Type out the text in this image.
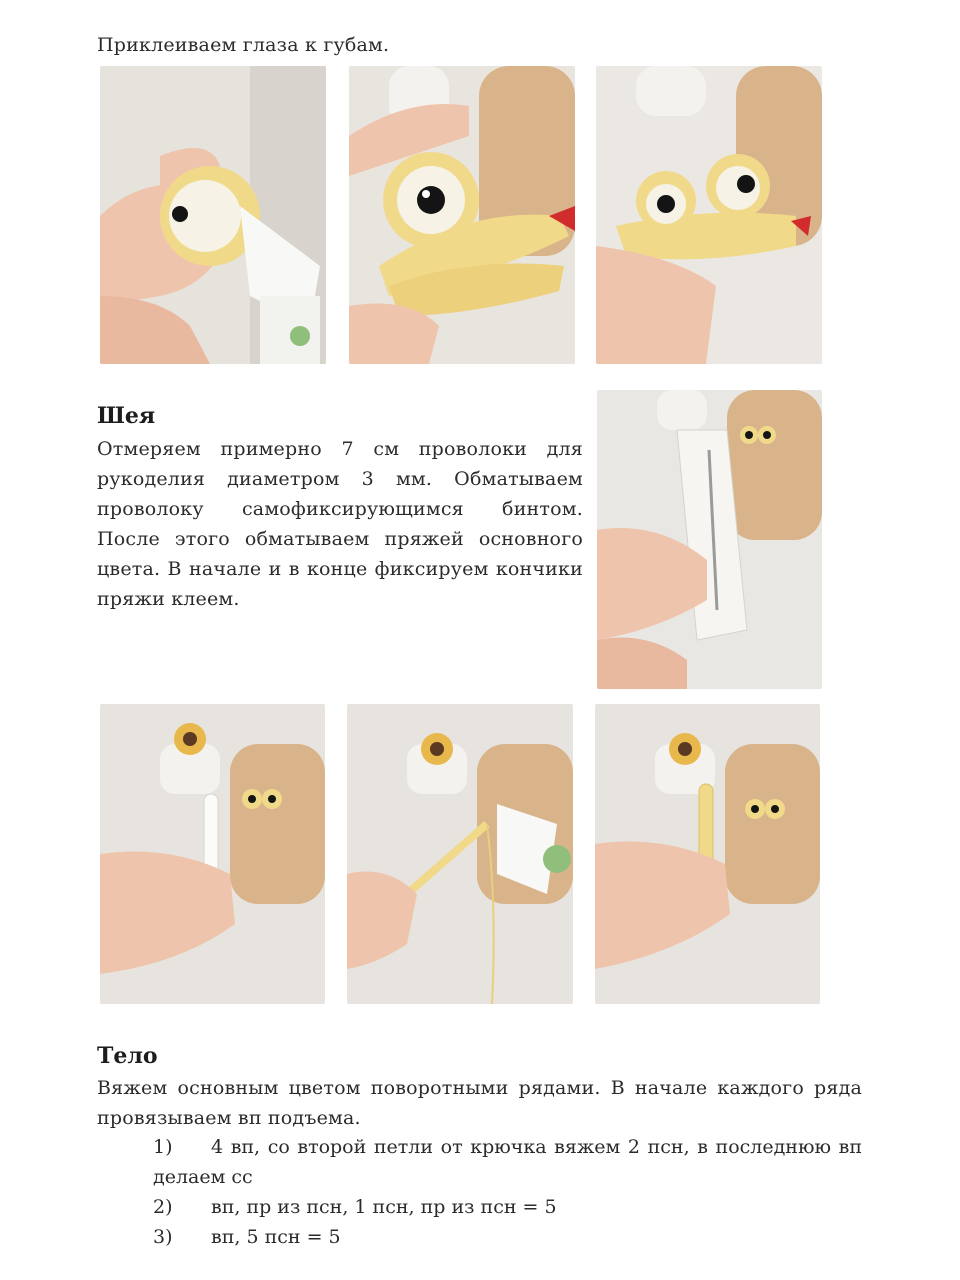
Приклеиваем глаза к губам.
Шея
Отмеряем примерно 7 см проволоки для рукоделия диаметром 3 мм. Обматываем проволоку самофиксирующимся бинтом. После этого обматываем пряжей основного цвета. В начале и в конце фиксируем кончики пряжи клеем.
Тело
Вяжем основным цветом поворотными рядами. В начале каждого ряда провязываем вп подъема.
1) 4 вп, со второй петли от крючка вяжем 2 псн, в последнюю вп делаем сс
2) вп, пр из псн, 1 псн, пр из псн = 5
3) вп, 5 псн = 5
